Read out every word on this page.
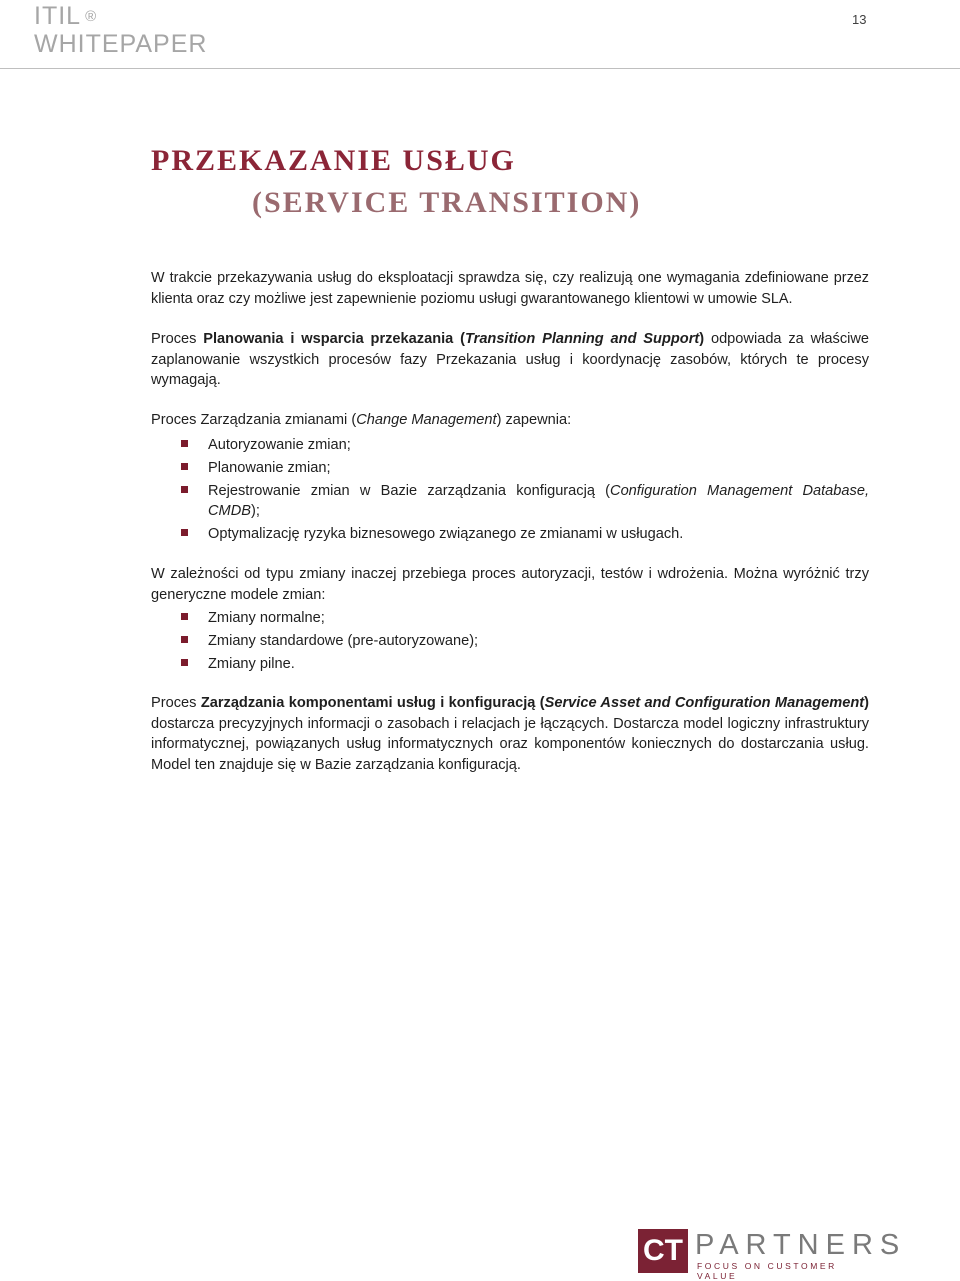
ITIL ®
WHITEPAPER
13
PRZEKAZANIE USŁUG
(SERVICE TRANSITION)

W trakcie przekazywania usług do eksploatacji sprawdza się, czy realizują one wymagania zdefiniowane przez klienta oraz czy możliwe jest zapewnienie poziomu usługi gwarantowanego klientowi w umowie SLA.

Proces Planowania i wsparcia przekazania (Transition Planning and Support) odpowiada za właściwe zaplanowanie wszystkich procesów fazy Przekazania usług i koordynację zasobów, których te procesy wymagają.

Proces Zarządzania zmianami (Change Management) zapewnia:

Autoryzowanie zmian;
Planowanie zmian;
Rejestrowanie zmian w Bazie zarządzania konfiguracją (Configuration Management Database, CMDB);
Optymalizację ryzyka biznesowego związanego ze zmianami w usługach.

W zależności od typu zmiany inaczej przebiega proces autoryzacji, testów i wdrożenia. Można wyróżnić trzy generyczne modele zmian:

Zmiany normalne;
Zmiany standardowe (pre-autoryzowane);
Zmiany pilne.

Proces Zarządzania komponentami usług i konfiguracją (Service Asset and Configuration Management) dostarcza precyzyjnych informacji o zasobach i relacjach je łączących. Dostarcza model logiczny infrastruktury informatycznej, powiązanych usług informatycznych oraz komponentów koniecznych do dostarczania usług. Model ten znajduje się w Bazie zarządzania konfiguracją.

CT PARTNERS
FOCUS ON CUSTOMER VALUE
